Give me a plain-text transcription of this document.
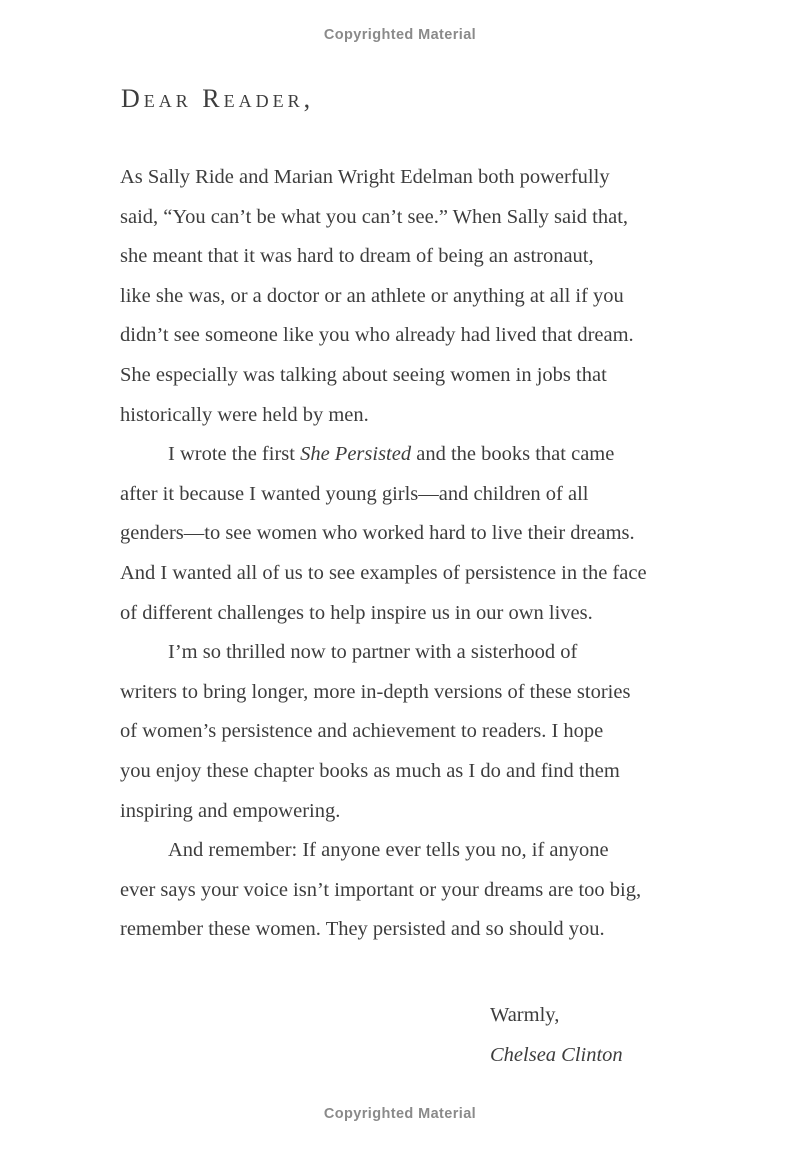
Copyrighted Material
Dear Reader,
As Sally Ride and Marian Wright Edelman both powerfully
said, “You can’t be what you can’t see.” When Sally said that,
she meant that it was hard to dream of being an astronaut,
like she was, or a doctor or an athlete or anything at all if you
didn’t see someone like you who already had lived that dream.
She especially was talking about seeing women in jobs that
historically were held by men.
I wrote the first She Persisted and the books that came
after it because I wanted young girls—and children of all
genders—to see women who worked hard to live their dreams.
And I wanted all of us to see examples of persistence in the face
of different challenges to help inspire us in our own lives.
I’m so thrilled now to partner with a sisterhood of
writers to bring longer, more in-depth versions of these stories
of women’s persistence and achievement to readers. I hope
you enjoy these chapter books as much as I do and find them
inspiring and empowering.
And remember: If anyone ever tells you no, if anyone
ever says your voice isn’t important or your dreams are too big,
remember these women. They persisted and so should you.
Warmly,
Chelsea Clinton
Copyrighted Material
